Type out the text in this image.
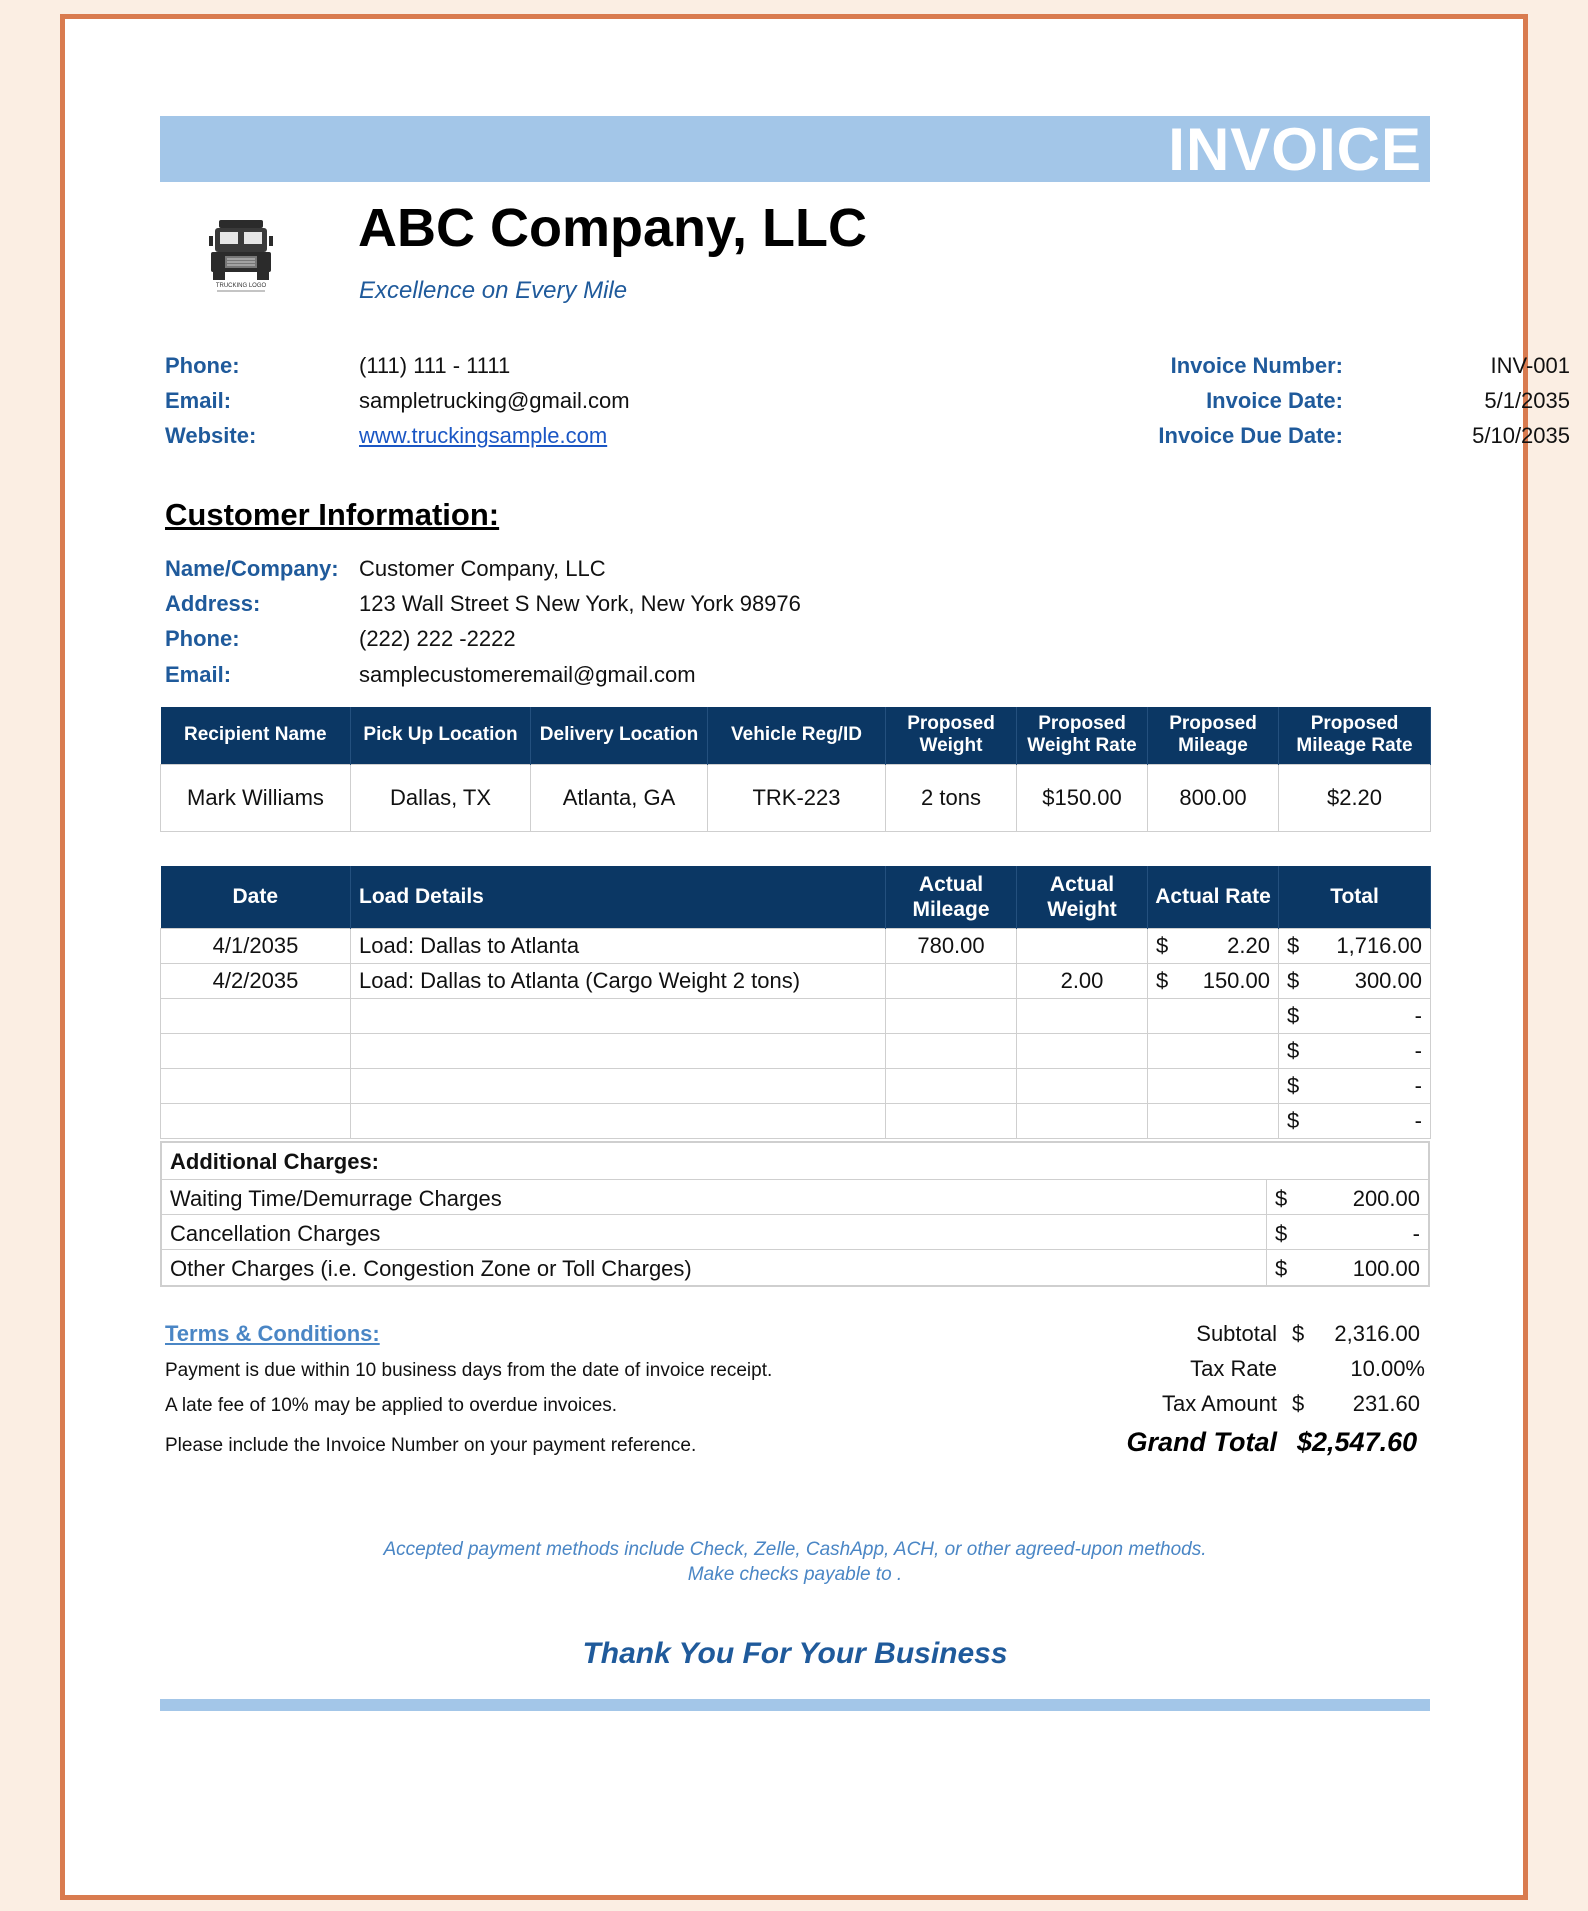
INVOICE
TRUCKING LOGO
ABC Company, LLC
Excellence on Every Mile
Phone:	(111) 111 - 1111
Email:	sampletrucking@gmail.com
Website:	www.truckingsample.com
Invoice Number:	INV-001
Invoice Date:	5/1/2035
Invoice Due Date:	5/10/2035
Customer Information:
Name/Company: Customer Company, LLC
Address:	123 Wall Street S New York, New York 98976
Phone:	(222) 222 -2222
Email:	samplecustomeremail@gmail.com
Recipient Name	Pick Up Location	Delivery Location	Vehicle Reg/ID	Proposed Weight	Proposed Weight Rate	Proposed Mileage	Proposed Mileage Rate
Mark Williams	Dallas, TX	Atlanta, GA	TRK-223	2 tons	$150.00	800.00	$2.20
Date	Load Details	Actual Mileage	Actual Weight	Actual Rate	Total
4/1/2035	Load: Dallas to Atlanta	780.00		$ 2.20	$ 1,716.00

4/2/2035	Load: Dallas to Atlanta (Cargo Weight 2 tons)		2.00	$ 150.00	$ 300.00

					$ -

					$ -

					$ -

					$ -
Additional Charges:
Waiting Time/Demurrage Charges	$	200.00
Cancellation Charges	$	-
Other Charges (i.e. Congestion Zone or Toll Charges)	$	100.00
Terms & Conditions:
Payment is due within 10 business days from the date of invoice receipt.
A late fee of 10% may be applied to overdue invoices.
Please include the Invoice Number on your payment reference.
Subtotal $	2,316.00
Tax Rate	10.00%
Tax Amount $	231.60
Grand Total $2,547.60
Accepted payment methods include Check, Zelle, CashApp, ACH, or other agreed-upon methods.
Make checks payable to .
Thank You For Your Business
